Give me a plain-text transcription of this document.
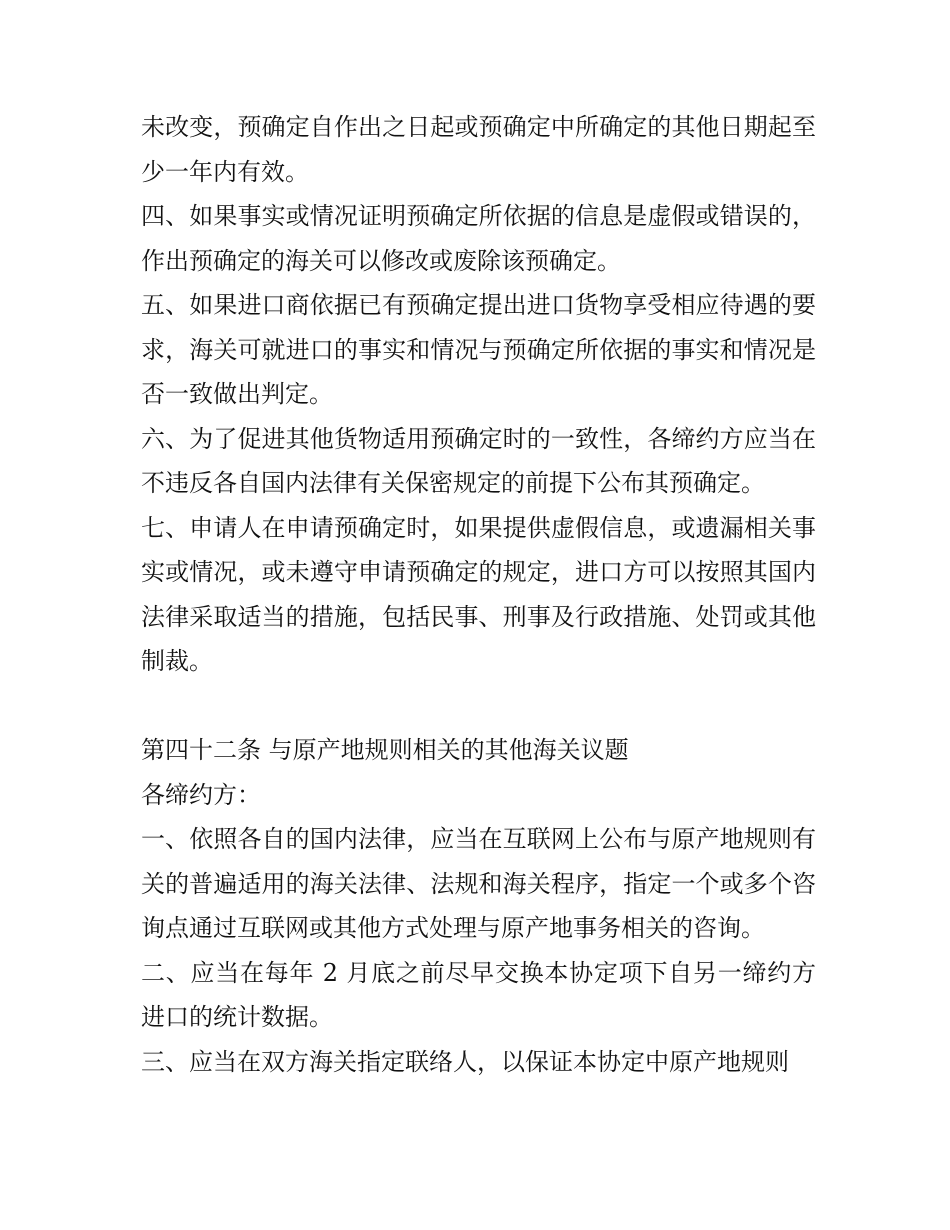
未改变，预确定自作出之日起或预确定中所确定的其他日期起至少一年内有效。

四、如果事实或情况证明预确定所依据的信息是虚假或错误的，作出预确定的海关可以修改或废除该预确定。

五、如果进口商依据已有预确定提出进口货物享受相应待遇的要求，海关可就进口的事实和情况与预确定所依据的事实和情况是否一致做出判定。

六、为了促进其他货物适用预确定时的一致性，各缔约方应当在不违反各自国内法律有关保密规定的前提下公布其预确定。

七、申请人在申请预确定时，如果提供虚假信息，或遗漏相关事实或情况，或未遵守申请预确定的规定，进口方可以按照其国内法律采取适当的措施，包括民事、刑事及行政措施、处罚或其他制裁。

第四十二条 与原产地规则相关的其他海关议题

各缔约方：

一、依照各自的国内法律，应当在互联网上公布与原产地规则有关的普遍适用的海关法律、法规和海关程序，指定一个或多个咨询点通过互联网或其他方式处理与原产地事务相关的咨询。

二、应当在每年 2 月底之前尽早交换本协定项下自另一缔约方进口的统计数据。

三、应当在双方海关指定联络人，以保证本协定中原产地规则
